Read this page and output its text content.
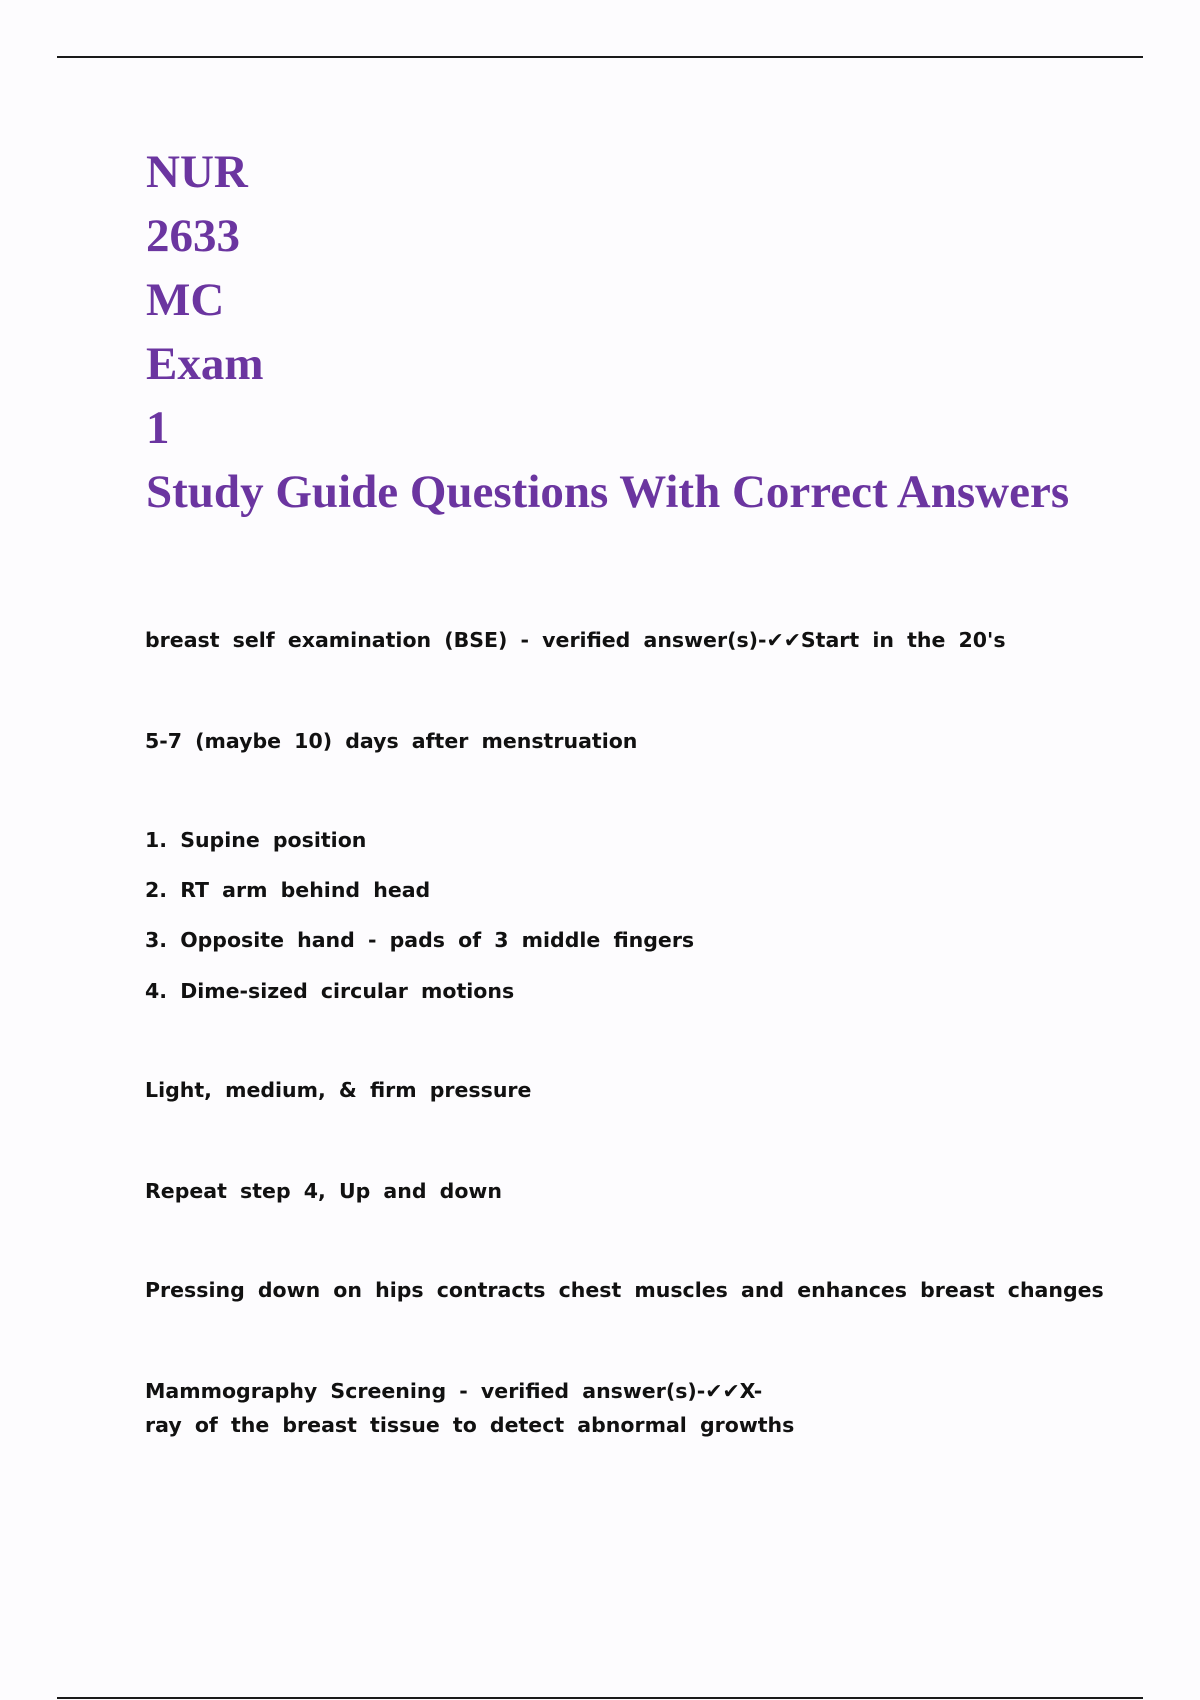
NUR
2633
MC
Exam
1
Study Guide Questions With Correct Answers
breast self examination (BSE) - verified answer(s)-✔✔Start in the 20's
5-7 (maybe 10) days after menstruation
1. Supine position
2. RT arm behind head
3. Opposite hand - pads of 3 middle fingers
4. Dime-sized circular motions
Light, medium, & firm pressure
Repeat step 4, Up and down
Pressing down on hips contracts chest muscles and enhances breast changes
Mammography Screening - verified answer(s)-✔✔X-
ray of the breast tissue to detect abnormal growths
